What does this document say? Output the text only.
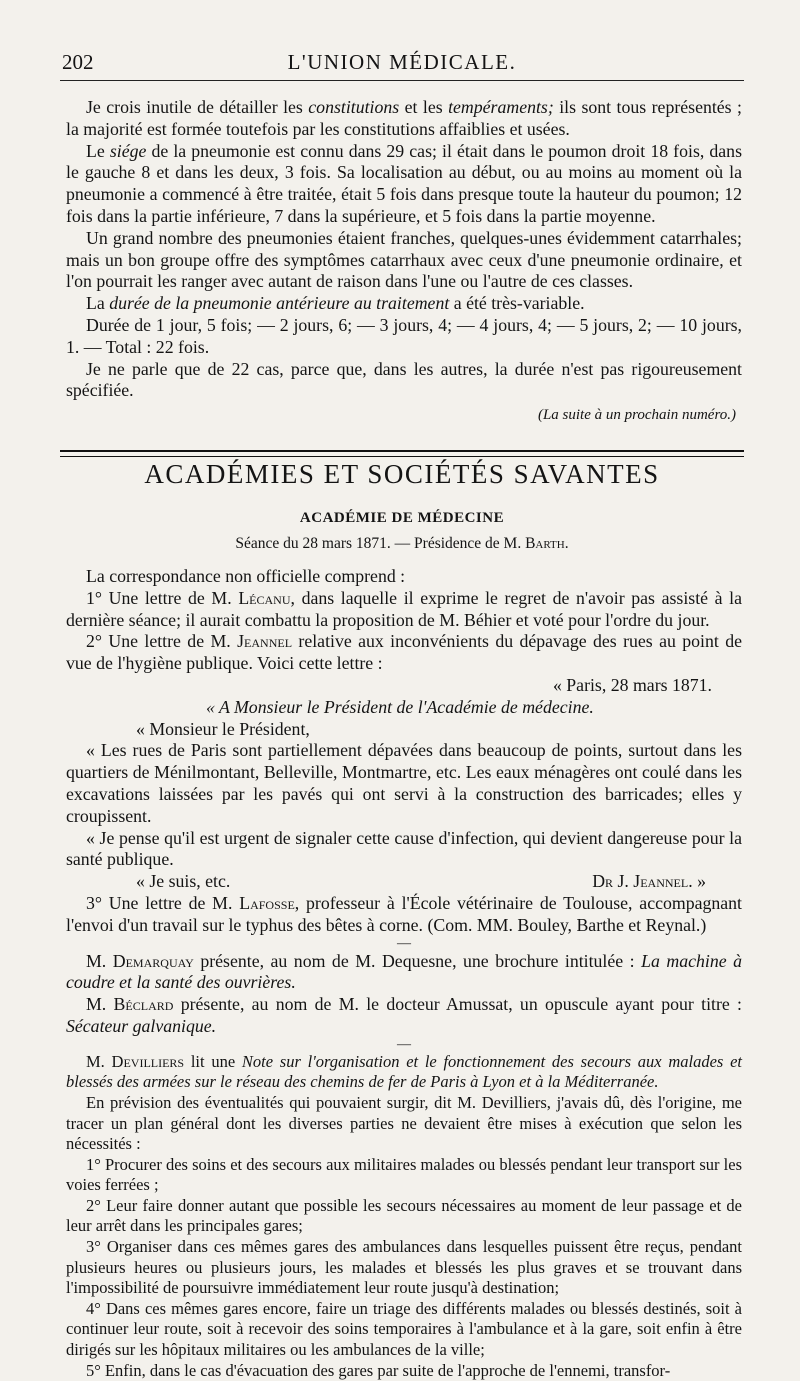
202	L'UNION MÉDICALE.

Je crois inutile de détailler les constitutions et les tempéraments; ils sont tous représentés ; la majorité est formée toutefois par les constitutions affaiblies et usées.

Le siége de la pneumonie est connu dans 29 cas; il était dans le poumon droit 18 fois, dans le gauche 8 et dans les deux, 3 fois. Sa localisation au début, ou au moins au moment où la pneumonie a commencé à être traitée, était 5 fois dans presque toute la hauteur du poumon; 12 fois dans la partie inférieure, 7 dans la supérieure, et 5 fois dans la partie moyenne.

Un grand nombre des pneumonies étaient franches, quelques-unes évidemment catarrhales; mais un bon groupe offre des symptômes catarrhaux avec ceux d'une pneumonie ordinaire, et l'on pourrait les ranger avec autant de raison dans l'une ou l'autre de ces classes.

La durée de la pneumonie antérieure au traitement a été très-variable.

Durée de 1 jour, 5 fois; — 2 jours, 6; — 3 jours, 4; — 4 jours, 4; — 5 jours, 2; — 10 jours, 1. — Total : 22 fois.

Je ne parle que de 22 cas, parce que, dans les autres, la durée n'est pas rigoureusement spécifiée.

(La suite à un prochain numéro.)
ACADÉMIES ET SOCIÉTÉS SAVANTES
ACADÉMIE DE MÉDECINE
Séance du 28 mars 1871. — Présidence de M. Barth.

La correspondance non officielle comprend :

1° Une lettre de M. Lécanu, dans laquelle il exprime le regret de n'avoir pas assisté à la dernière séance; il aurait combattu la proposition de M. Béhier et voté pour l'ordre du jour.

2° Une lettre de M. Jeannel relative aux inconvénients du dépavage des rues au point de vue de l'hygiène publique. Voici cette lettre :

« Paris, 28 mars 1871.

« A Monsieur le Président de l'Académie de médecine.

« Monsieur le Président,

« Les rues de Paris sont partiellement dépavées dans beaucoup de points, surtout dans les quartiers de Ménilmontant, Belleville, Montmartre, etc. Les eaux ménagères ont coulé dans les excavations laissées par les pavés qui ont servi à la construction des barricades; elles y croupissent.

« Je pense qu'il est urgent de signaler cette cause d'infection, qui devient dangereuse pour la santé publique.

« Je suis, etc.	Dr J. Jeannel. »

3° Une lettre de M. Lafosse, professeur à l'École vétérinaire de Toulouse, accompagnant l'envoi d'un travail sur le typhus des bêtes à corne. (Com. MM. Bouley, Barthe et Reynal.)

—

M. Demarquay présente, au nom de M. Dequesne, une brochure intitulée : La machine à coudre et la santé des ouvrières.

M. Béclard présente, au nom de M. le docteur Amussat, un opuscule ayant pour titre : Sécateur galvanique.

—

M. Devilliers lit une Note sur l'organisation et le fonctionnement des secours aux malades et blessés des armées sur le réseau des chemins de fer de Paris à Lyon et à la Méditerranée.

En prévision des éventualités qui pouvaient surgir, dit M. Devilliers, j'avais dû, dès l'origine, me tracer un plan général dont les diverses parties ne devaient être mises à exécution que selon les nécessités :

1° Procurer des soins et des secours aux militaires malades ou blessés pendant leur transport sur les voies ferrées ;

2° Leur faire donner autant que possible les secours nécessaires au moment de leur passage et de leur arrêt dans les principales gares;

3° Organiser dans ces mêmes gares des ambulances dans lesquelles puissent être reçus, pendant plusieurs heures ou plusieurs jours, les malades et blessés les plus graves et se trouvant dans l'impossibilité de poursuivre immédiatement leur route jusqu'à destination;

4° Dans ces mêmes gares encore, faire un triage des différents malades ou blessés destinés, soit à continuer leur route, soit à recevoir des soins temporaires à l'ambulance et à la gare, soit enfin à être dirigés sur les hôpitaux militaires ou les ambulances de la ville;

5° Enfin, dans le cas d'évacuation des gares par suite de l'approche de l'ennemi, transfor-
